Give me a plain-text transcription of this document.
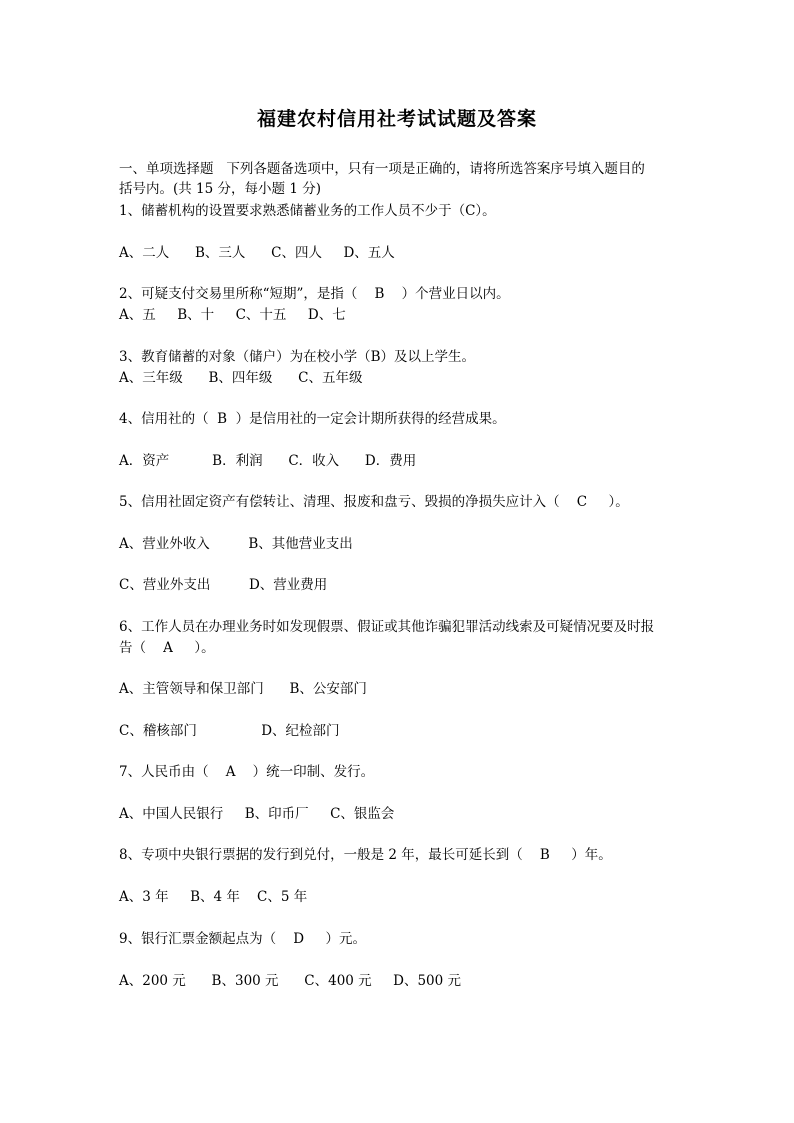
福建农村信用社考试试题及答案
一、单项选择题   下列各题备选项中，只有一项是正确的，请将所选答案序号填入题目的
括号内。(共 15 分，每小题 1 分)
1、储蓄机构的设置要求熟悉储蓄业务的工作人员不少于（C）。
A、二人      B、三人      C、四人     D、五人
2、可疑支付交易里所称“短期”，是指（    B    ）个营业日以内。
A、五     B、十     C、十五     D、七
3、教育储蓄的对象（储户）为在校小学（B）及以上学生。
A、三年级      B、四年级      C、五年级
4、信用社的（  B  ）是信用社的一定会计期所获得的经营成果。
A．资产          B．利润      C．收入      D．费用
5、信用社固定资产有偿转让、清理、报废和盘亏、毁损的净损失应计入（    C     ）。
A、营业外收入         B、其他营业支出
C、营业外支出         D、营业费用
6、工作人员在办理业务时如发现假票、假证或其他诈骗犯罪活动线索及可疑情况要及时报
告（    A     ）。
A、主管领导和保卫部门      B、公安部门
C、稽核部门               D、纪检部门
7、人民币由（    A    ）统一印制、发行。
A、中国人民银行     B、印币厂     C、银监会
8、专项中央银行票据的发行到兑付，一般是 2 年，最长可延长到（    B     ）年。
A、3 年     B、4 年    C、5 年
9、银行汇票金额起点为（    D     ）元。
A、200 元      B、300 元      C、400 元     D、500 元
